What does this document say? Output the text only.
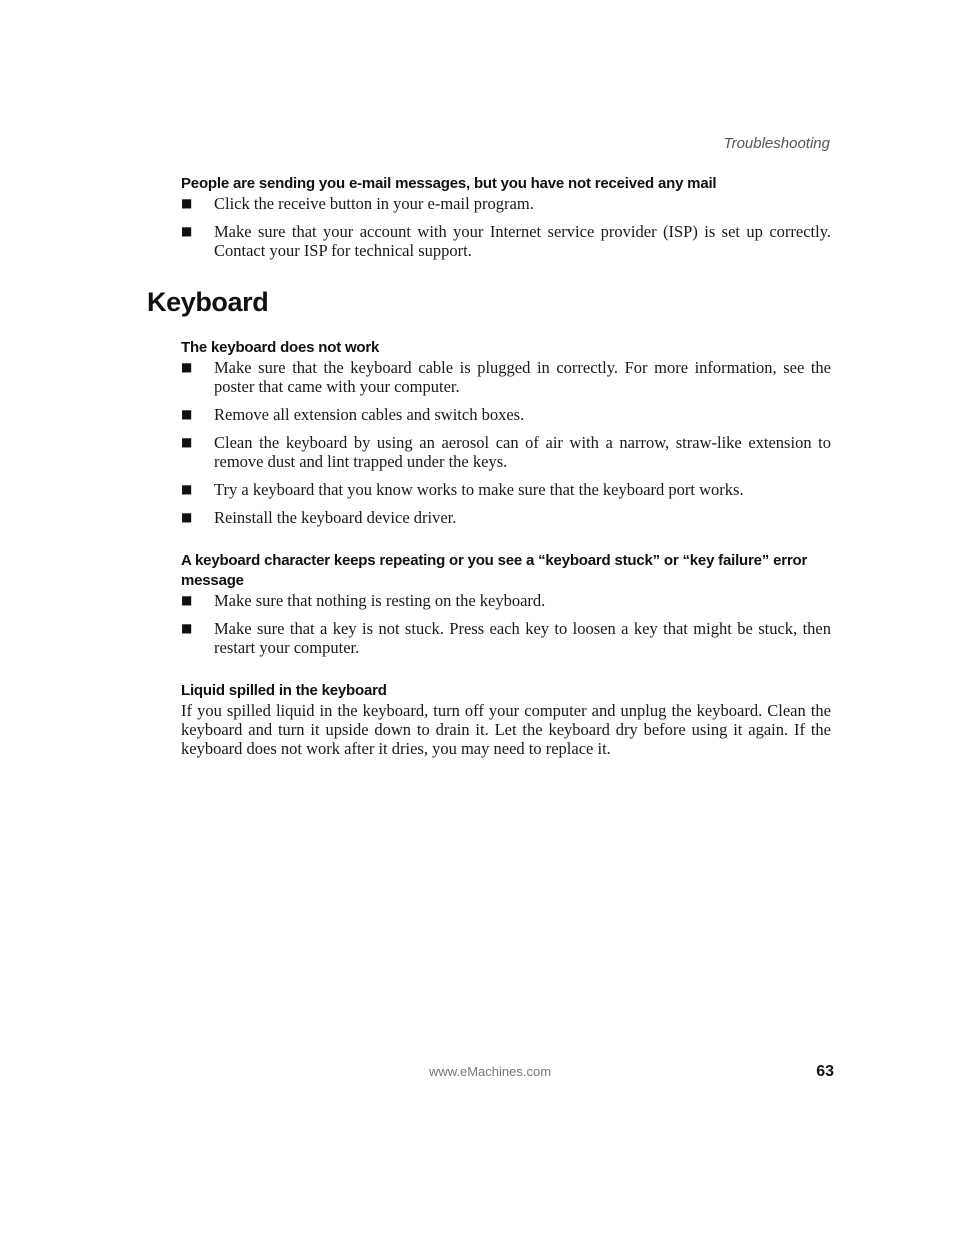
Troubleshooting

People are sending you e-mail messages, but you have not received any mail

■	Click the receive button in your e-mail program.
■	Make sure that your account with your Internet service provider (ISP) is set up correctly. Contact your ISP for technical support.
Keyboard

The keyboard does not work

■	Make sure that the keyboard cable is plugged in correctly. For more information, see the poster that came with your computer.
■	Remove all extension cables and switch boxes.
■	Clean the keyboard by using an aerosol can of air with a narrow, straw-like extension to remove dust and lint trapped under the keys.
■	Try a keyboard that you know works to make sure that the keyboard port works.
■	Reinstall the keyboard device driver.

A keyboard character keeps repeating or you see a “keyboard stuck” or “key failure” error message

■	Make sure that nothing is resting on the keyboard.
■	Make sure that a key is not stuck. Press each key to loosen a key that might be stuck, then restart your computer.

Liquid spilled in the keyboard

If you spilled liquid in the keyboard, turn off your computer and unplug the keyboard. Clean the keyboard and turn it upside down to drain it. Let the keyboard dry before using it again. If the keyboard does not work after it dries, you may need to replace it.

www.eMachines.com	63
